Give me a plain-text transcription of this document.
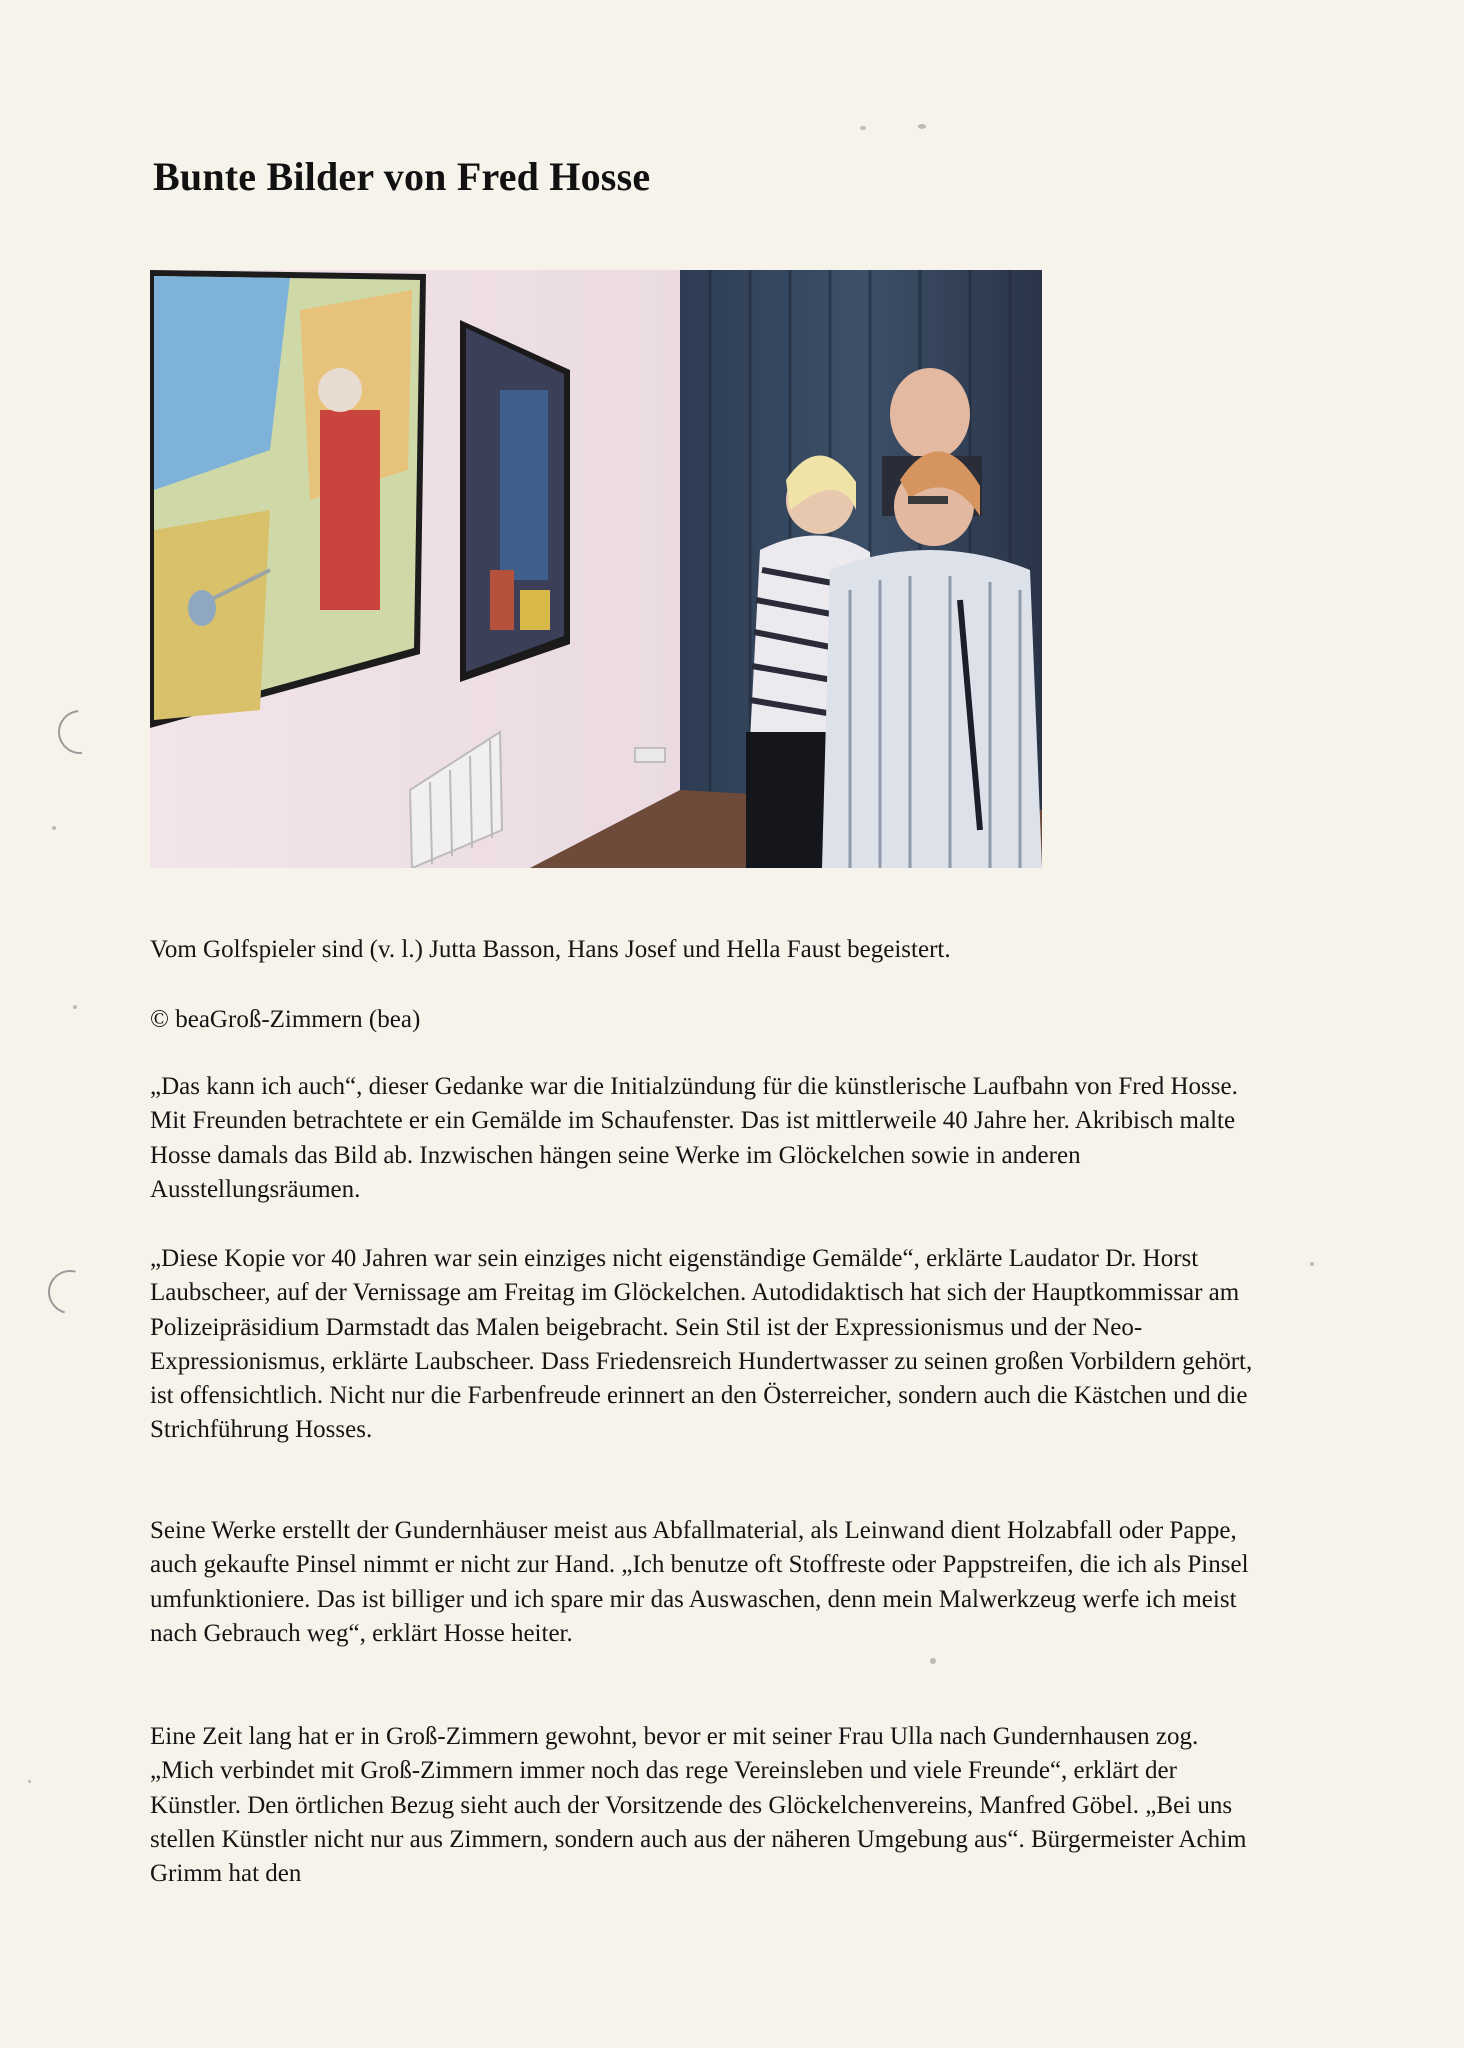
Bunte Bilder von Fred Hosse

Vom Golfspieler sind (v. l.) Jutta Basson, Hans Josef und Hella Faust begeistert.

© beaGroß-Zimmern (bea)

„Das kann ich auch“, dieser Gedanke war die Initialzündung für die künstlerische Laufbahn von Fred Hosse. Mit Freunden betrachtete er ein Gemälde im Schaufenster. Das ist mittlerweile 40 Jahre her. Akribisch malte Hosse damals das Bild ab. Inzwischen hängen seine Werke im Glöckelchen sowie in anderen Ausstellungsräumen.

„Diese Kopie vor 40 Jahren war sein einziges nicht eigenständige Gemälde“, erklärte Laudator Dr. Horst Laubscheer, auf der Vernissage am Freitag im Glöckelchen. Autodidaktisch hat sich der Hauptkommissar am Polizeipräsidium Darmstadt das Malen beigebracht. Sein Stil ist der Expressionismus und der Neo-Expressionismus, erklärte Laubscheer. Dass Friedensreich Hundertwasser zu seinen großen Vorbildern gehört, ist offensichtlich. Nicht nur die Farbenfreude erinnert an den Österreicher, sondern auch die Kästchen und die Strichführung Hosses.

Seine Werke erstellt der Gundernhäuser meist aus Abfallmaterial, als Leinwand dient Holzabfall oder Pappe, auch gekaufte Pinsel nimmt er nicht zur Hand. „Ich benutze oft Stoffreste oder Pappstreifen, die ich als Pinsel umfunktioniere. Das ist billiger und ich spare mir das Auswaschen, denn mein Malwerkzeug werfe ich meist nach Gebrauch weg“, erklärt Hosse heiter.

Eine Zeit lang hat er in Groß-Zimmern gewohnt, bevor er mit seiner Frau Ulla nach Gundernhausen zog. „Mich verbindet mit Groß-Zimmern immer noch das rege Vereinsleben und viele Freunde“, erklärt der Künstler. Den örtlichen Bezug sieht auch der Vorsitzende des Glöckelchenvereins, Manfred Göbel. „Bei uns stellen Künstler nicht nur aus Zimmern, sondern auch aus der näheren Umgebung aus“. Bürgermeister Achim Grimm hat den
